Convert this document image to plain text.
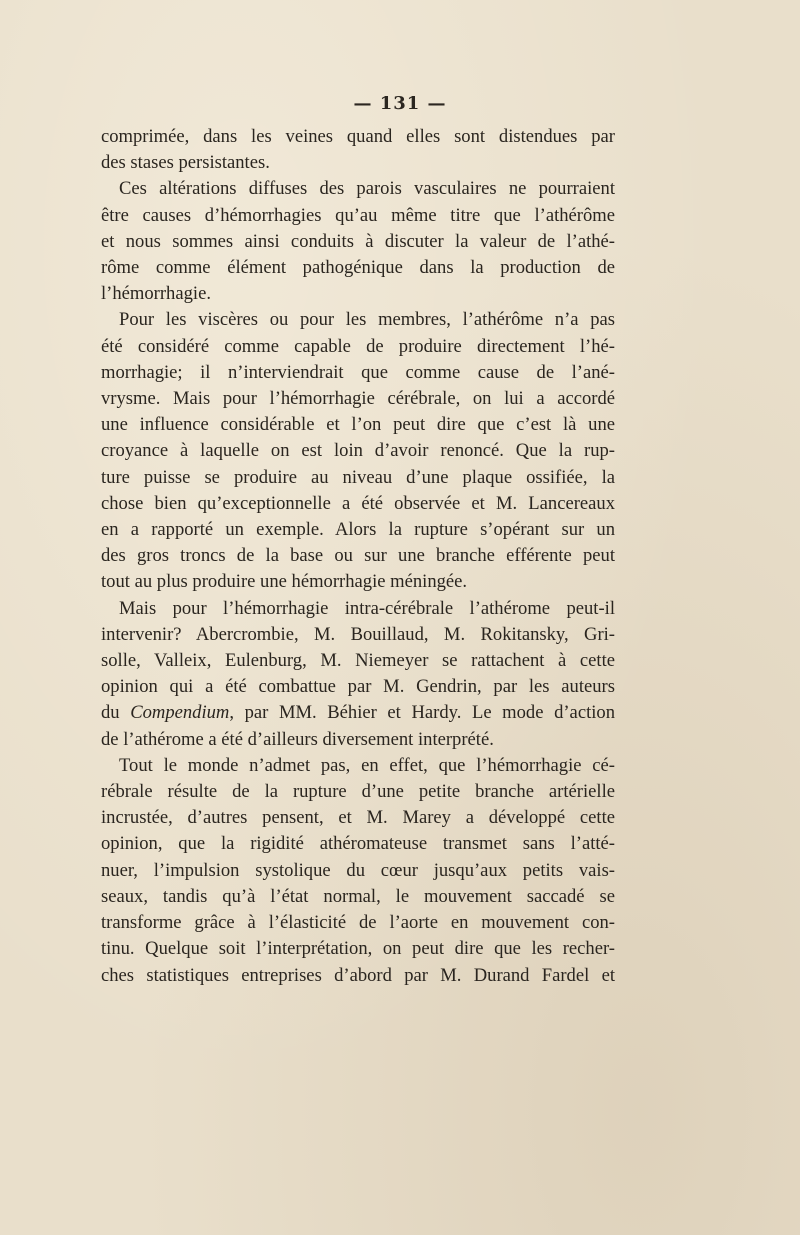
— 131 —
comprimée, dans les veines quand elles sont distendues par
des stases persistantes.
Ces altérations diffuses des parois vasculaires ne pourraient
être causes d’hémorrhagies qu’au même titre que l’athérôme
et nous sommes ainsi conduits à discuter la valeur de l’athé-
rôme comme élément pathogénique dans la production de
l’hémorrhagie.
Pour les viscères ou pour les membres, l’athérôme n’a pas
été considéré comme capable de produire directement l’hé-
morrhagie; il n’interviendrait que comme cause de l’ané-
vrysme. Mais pour l’hémorrhagie cérébrale, on lui a accordé
une influence considérable et l’on peut dire que c’est là une
croyance à laquelle on est loin d’avoir renoncé. Que la rup-
ture puisse se produire au niveau d’une plaque ossifiée, la
chose bien qu’exceptionnelle a été observée et M. Lancereaux
en a rapporté un exemple. Alors la rupture s’opérant sur un
des gros troncs de la base ou sur une branche efférente peut
tout au plus produire une hémorrhagie méningée.
Mais pour l’hémorrhagie intra-cérébrale l’athérome peut-il
intervenir? Abercrombie, M. Bouillaud, M. Rokitansky, Gri-
solle, Valleix, Eulenburg, M. Niemeyer se rattachent à cette
opinion qui a été combattue par M. Gendrin, par les auteurs
du Compendium, par MM. Béhier et Hardy. Le mode d’action
de l’athérome a été d’ailleurs diversement interprété.
Tout le monde n’admet pas, en effet, que l’hémorrhagie cé-
rébrale résulte de la rupture d’une petite branche artérielle
incrustée, d’autres pensent, et M. Marey a développé cette
opinion, que la rigidité athéromateuse transmet sans l’atté-
nuer, l’impulsion systolique du cœur jusqu’aux petits vais-
seaux, tandis qu’à l’état normal, le mouvement saccadé se
transforme grâce à l’élasticité de l’aorte en mouvement con-
tinu. Quelque soit l’interprétation, on peut dire que les recher-
ches statistiques entreprises d’abord par M. Durand Fardel et
